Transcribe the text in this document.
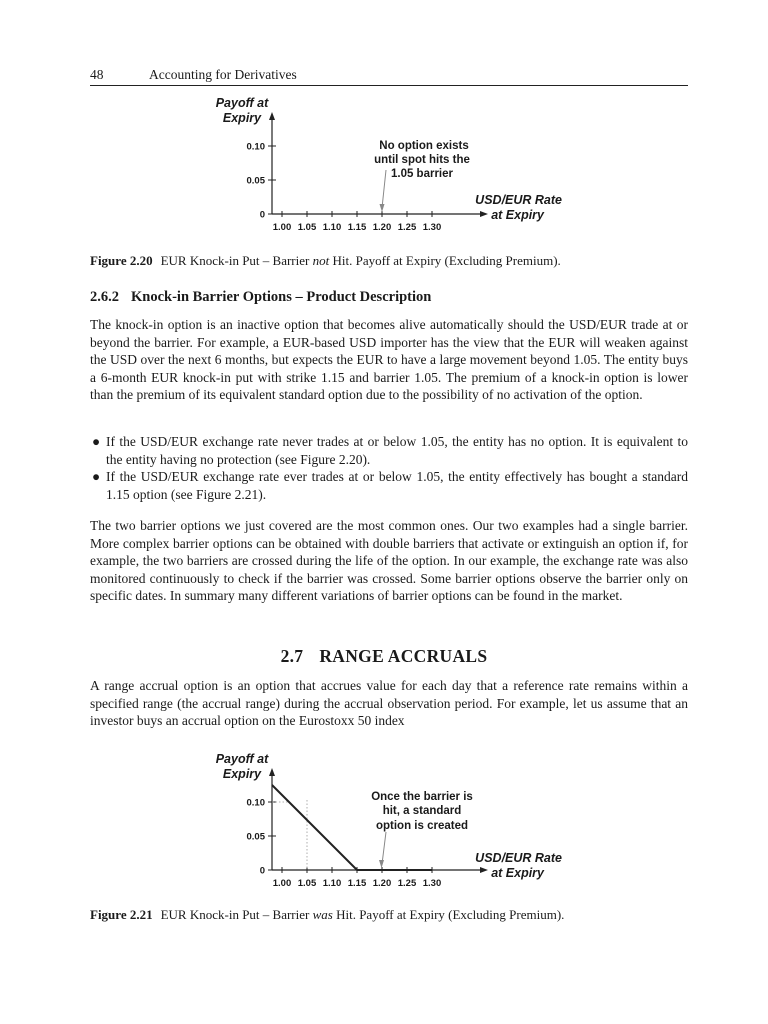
48	Accounting for Derivatives
Payoff at
Expiry
1.00 1.05 1.10 1.15 1.20 1.25 1.30
0
0.05
0.10
USD/EUR Rate
at Expiry
No option exists
until spot hits the
1.05 barrier
Figure 2.20 EUR Knock-in Put – Barrier not Hit. Payoff at Expiry (Excluding Premium).
2.6.2 Knock-in Barrier Options – Product Description

The knock-in option is an inactive option that becomes alive automatically should the USD/EUR trade at or beyond the barrier. For example, a EUR-based USD importer has the view that the EUR will weaken against the USD over the next 6 months, but expects the EUR to have a large movement beyond 1.05. The entity buys a 6-month EUR knock-in put with strike 1.15 and barrier 1.05. The premium of a knock-in option is lower than the premium of its equivalent standard option due to the possibility of no activation of the option.

● If the USD/EUR exchange rate never trades at or below 1.05, the entity has no option. It is equivalent to the entity having no protection (see Figure 2.20).
● If the USD/EUR exchange rate ever trades at or below 1.05, the entity effectively has bought a standard 1.15 option (see Figure 2.21).

The two barrier options we just covered are the most common ones. Our two examples had a single barrier. More complex barrier options can be obtained with double barriers that activate or extinguish an option if, for example, the two barriers are crossed during the life of the option. In our example, the exchange rate was also monitored continuously to check if the barrier was crossed. Some barrier options observe the barrier only on specific dates. In summary many different variations of barrier options can be found in the market.

2.7 RANGE ACCRUALS

A range accrual option is an option that accrues value for each day that a reference rate remains within a specified range (the accrual range) during the accrual observation period. For example, let us assume that an investor buys an accrual option on the Eurostoxx 50 index

Payoff at
Expiry
1.00 1.05 1.10 1.15 1.20 1.25 1.30
0
0.05
0.10
USD/EUR Rate
at Expiry
Once the barrier is
hit, a standard
option is created
Figure 2.21 EUR Knock-in Put – Barrier was Hit. Payoff at Expiry (Excluding Premium).
